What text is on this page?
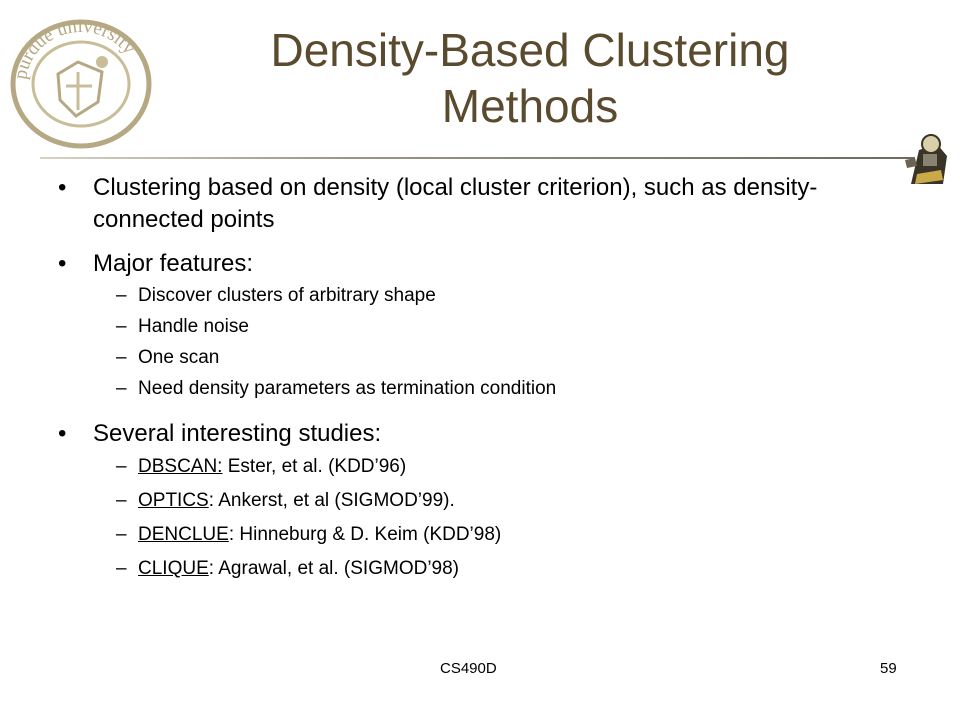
purdue university	Density-Based Clustering
Methods
• Clustering based on density (local cluster criterion), such as density-connected points
• Major features:
– Discover clusters of arbitrary shape
– Handle noise
– One scan
– Need density parameters as termination condition
• Several interesting studies:
– DBSCAN: Ester, et al. (KDD’96)
– OPTICS: Ankerst, et al (SIGMOD’99).
– DENCLUE: Hinneburg & D. Keim (KDD’98)
– CLIQUE: Agrawal, et al. (SIGMOD’98)
CS490D	59
